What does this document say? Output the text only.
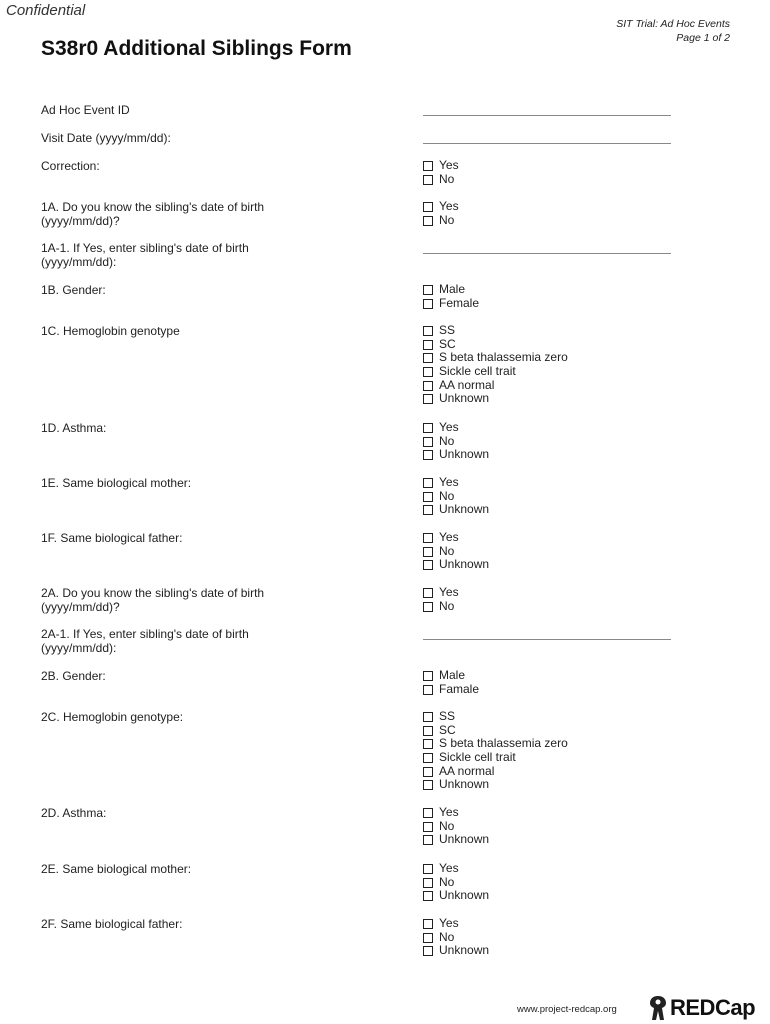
Confidential
SIT Trial: Ad Hoc Events
Page 1 of 2
S38r0 Additional Siblings Form
Ad Hoc Event ID
Visit Date (yyyy/mm/dd):
Correction:	Yes
No
1A. Do you know the sibling's date of birth (yyyy/mm/dd)?
Yes
No
1A-1. If Yes, enter sibling's date of birth (yyyy/mm/dd):
1B. Gender:	Male
Female
1C. Hemoglobin genotype	SS
SC
S beta thalassemia zero
Sickle cell trait
AA normal
Unknown
1D. Asthma:	Yes
No
Unknown
1E. Same biological mother:	Yes
No
Unknown
1F. Same biological father:	Yes
No
Unknown
2A. Do you know the sibling's date of birth (yyyy/mm/dd)?
Yes
No
2A-1. If Yes, enter sibling's date of birth (yyyy/mm/dd):
2B. Gender:	Male
Famale
2C. Hemoglobin genotype:	SS
SC
S beta thalassemia zero
Sickle cell trait
AA normal
Unknown
2D. Asthma:	Yes
No
Unknown
2E. Same biological mother:	Yes
No
Unknown
2F. Same biological father:	Yes
No
Unknown
www.project-redcap.org REDCap
